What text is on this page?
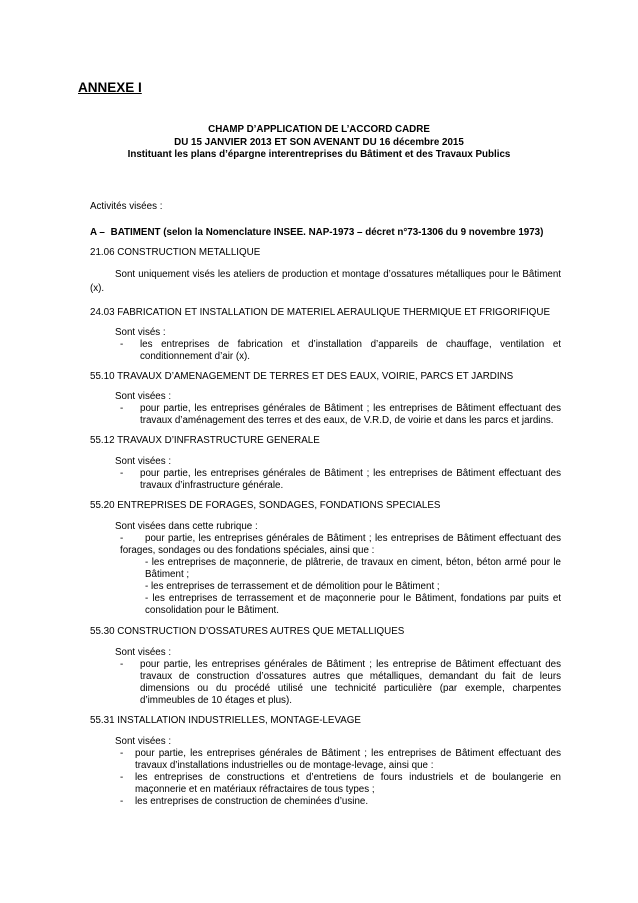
ANNEXE I
CHAMP D’APPLICATION DE L’ACCORD CADRE
DU 15 JANVIER 2013 ET SON AVENANT DU 16 décembre 2015
Instituant les plans d’épargne interentreprises du Bâtiment et des Travaux Publics
Activités visées :
A – BATIMENT (selon la Nomenclature INSEE. NAP-1973 – décret n°73-1306 du 9 novembre 1973)
21.06 CONSTRUCTION METALLIQUE
Sont uniquement visés les ateliers de production et montage d’ossatures métalliques pour le Bâtiment
(x).
24.03 FABRICATION ET INSTALLATION DE MATERIEL AERAULIQUE THERMIQUE ET FRIGORIFIQUE
Sont visés :
- les entreprises de fabrication et d’installation d’appareils de chauffage, ventilation et
conditionnement d’air (x).
55.10 TRAVAUX D’AMENAGEMENT DE TERRES ET DES EAUX, VOIRIE, PARCS ET JARDINS
Sont visées :
- pour partie, les entreprises générales de Bâtiment ; les entreprises de Bâtiment effectuant des
travaux d’aménagement des terres et des eaux, de V.R.D, de voirie et dans les parcs et jardins.
55.12 TRAVAUX D’INFRASTRUCTURE GENERALE
Sont visées :
- pour partie, les entreprises générales de Bâtiment ; les entreprises de Bâtiment effectuant des
travaux d’infrastructure générale.
55.20 ENTREPRISES DE FORAGES, SONDAGES, FONDATIONS SPECIALES
Sont visées dans cette rubrique :
-	pour partie, les entreprises générales de Bâtiment ; les entreprises de Bâtiment effectuant des
forages, sondages ou des fondations spéciales, ainsi que :
- les entreprises de maçonnerie, de plâtrerie, de travaux en ciment, béton, béton armé pour le
Bâtiment ;
- les entreprises de terrassement et de démolition pour le Bâtiment ;
- les entreprises de terrassement et de maçonnerie pour le Bâtiment, fondations par puits et
consolidation pour le Bâtiment.
55.30 CONSTRUCTION D’OSSATURES AUTRES QUE METALLIQUES
Sont visées :
- pour partie, les entreprises générales de Bâtiment ; les entreprise de Bâtiment effectuant des
travaux de construction d’ossatures autres que métalliques, demandant du fait de leurs
dimensions ou du procédé utilisé une technicité particulière (par exemple, charpentes
d’immeubles de 10 étages et plus).
55.31 INSTALLATION INDUSTRIELLES, MONTAGE-LEVAGE
Sont visées :
- pour partie, les entreprises générales de Bâtiment ; les entreprises de Bâtiment effectuant des
travaux d’installations industrielles ou de montage-levage, ainsi que :
- les entreprises de constructions et d’entretiens de fours industriels et de boulangerie en
maçonnerie et en matériaux réfractaires de tous types ;
- les entreprises de construction de cheminées d’usine.
